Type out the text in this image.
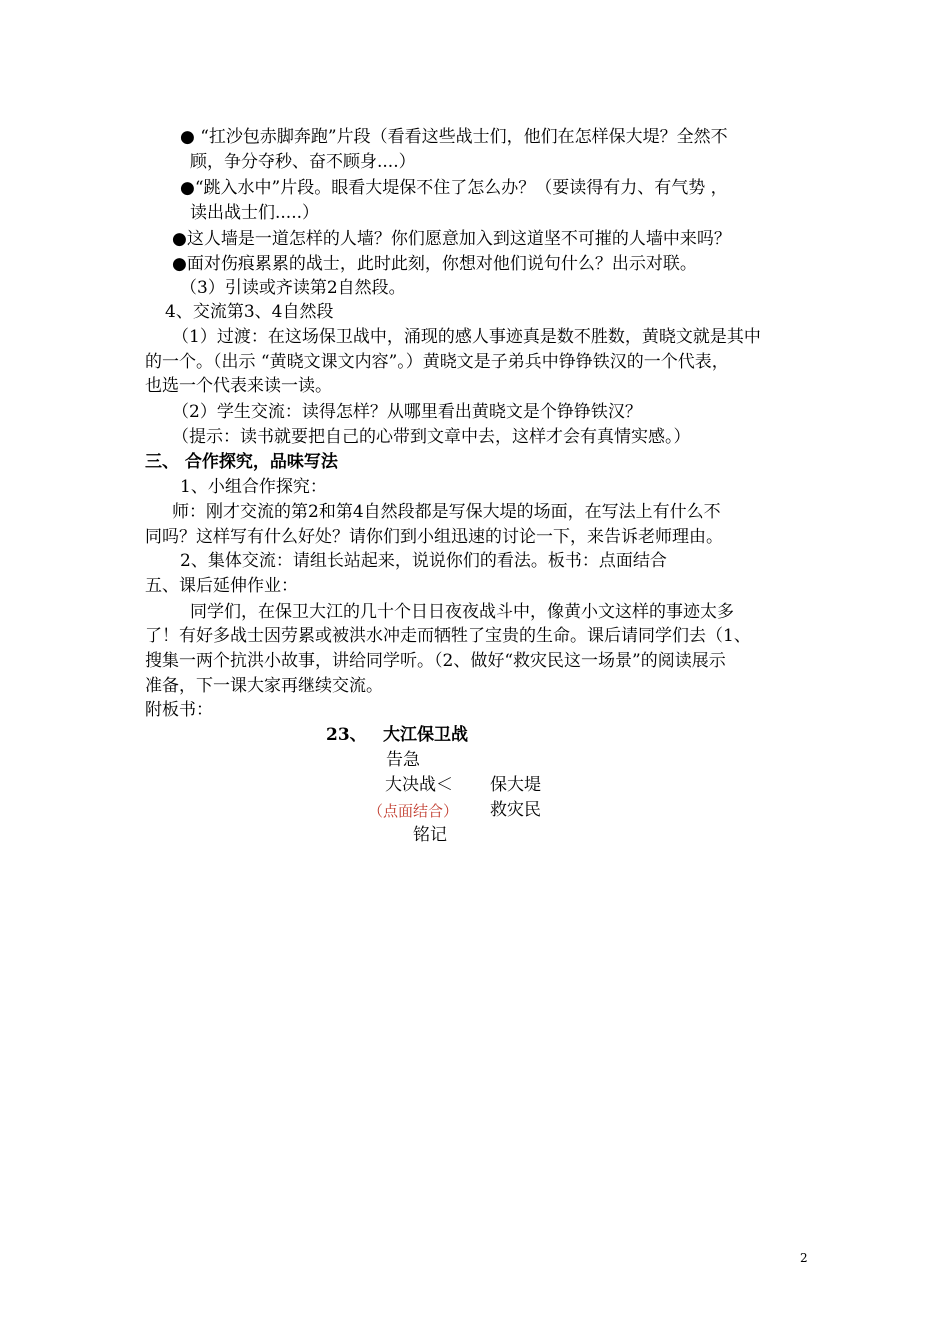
● “扛沙包赤脚奔跑”片段（看看这些战士们，他们在怎样保大堤？全然不
顾，争分夺秒、奋不顾身....）
●“跳入水中”片段。眼看大堤保不住了怎么办？（要读得有力、有气势 ，
读出战士们.....）
●这人墙是一道怎样的人墙？你们愿意加入到这道坚不可摧的人墙中来吗？
●面对伤痕累累的战士，此时此刻，你想对他们说句什么？出示对联。
（3）引读或齐读第2自然段。
4、交流第3、4自然段
（1）过渡：在这场保卫战中，涌现的感人事迹真是数不胜数，黄晓文就是其中
的一个。（出示 “黄晓文课文内容”。）黄晓文是子弟兵中铮铮铁汉的一个代表，
也选一个代表来读一读。
（2）学生交流：读得怎样？从哪里看出黄晓文是个铮铮铁汉？
（提示：读书就要把自己的心带到文章中去，这样才会有真情实感。）
三、 合作探究，品味写法
1、小组合作探究：
师：刚才交流的第2和第4自然段都是写保大堤的场面，在写法上有什么不
同吗？这样写有什么好处？请你们到小组迅速的讨论一下，来告诉老师理由。
2、集体交流：请组长站起来，说说你们的看法。板书：点面结合
五、课后延伸作业：
同学们，在保卫大江的几十个日日夜夜战斗中，像黄小文这样的事迹太多
了！有好多战士因劳累或被洪水冲走而牺牲了宝贵的生命。课后请同学们去（1、
搜集一两个抗洪小故事，讲给同学听。（2、做好“救灾民这一场景”的阅读展示
准备，下一课大家再继续交流。
附板书：
23、 大江保卫战
告急
大决战＜ 保大堤
（点面结合） 救灾民
铭记
2
